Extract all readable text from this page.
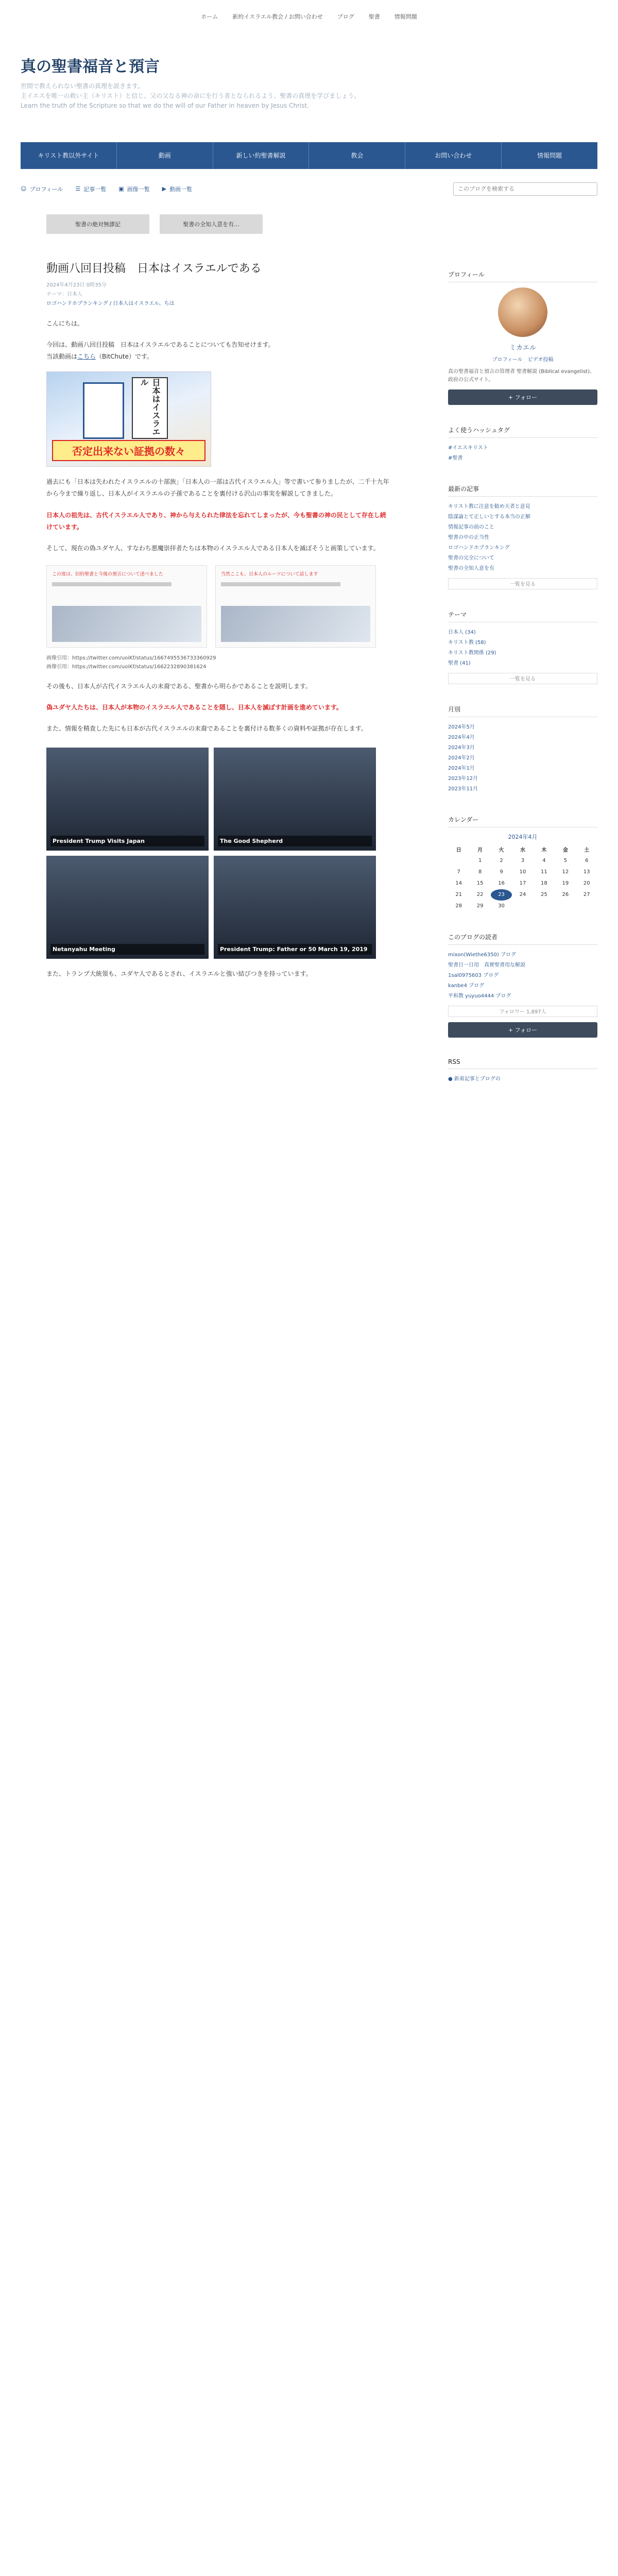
ホーム	新約イスラエル教会 / お問い合わせ	ブログ	聖書	情報問題
真の聖書福音と預言
世間で教えられない聖書の真理を説きます。
主イエスを唯一の救い主（キリスト）と信じ、父の父なる神の命にを行う者となられるよう、聖書の真理を学びましょう。
Learn the truth of the Scripture so that we do the will of our Father in heaven by Jesus Christ.
キリスト教以外サイト	動画	新しい約聖書解説	教会	お問い合わせ	情報問題
☺ プロフィール ☰ 記事一覧 ▣ 画像一覧 ▶ 動画一覧
このブログを検索する
聖書の絶対無謬記	聖書の全知人意を有...
動画八回目投稿　日本はイスラエルである
2024年4月23日 0時35分
テーマ：日本人
ロゴハンドホプランキング / 日本人はイスラエル、ちは

こんにちは。

今回は、動画八回目投稿　日本はイスラエルであることについても告知せけます。
当該動画はこちら（BitChute）です。

日本はイスラエル
否定出来ない証拠の数々

過去にも「日本は失われたイスラエルの十部族」「日本人の一部は古代イスラエル人」等で書いて参りましたが、二千十九年から今まで繰り返し、日本人がイスラエルの子孫であることを裏付ける沢山の事実を解説してきました。

日本人の祖先は、古代イスラエル人であり、神から与えられた律法を忘れてしまったが、今も聖書の神の民として存在し続けています。

そして、現在の偽ユダヤ人、すなわち悪魔崇拝者たちは本物のイスラエル人である日本人を滅ぼそうと画策しています。

この度は、旧約聖書と今後の預言について述べました	当然ここも、日本人のルーツについて話します
画像引用：https://twitter.com/uoiKf/status/1667495536733360929
画像引用：https://twitter.com/uoiKf/status/1662232890381624

その後も、日本人が古代イスラエル人の末裔である、聖書から明らかであることを説明します。

偽ユダヤ人たちは、日本人が本物のイスラエル人であることを隠し、日本人を滅ぼす計画を進めています。

また、情報を精査した先にも日本が古代イスラエルの末裔であることを裏付ける数多くの資料や証拠が存在します。

President Trump Visits Japan	The Good Shepherd
Netanyahu Meeting	President Trump: Father or 50 March 19, 2019

また、トランプ大統領も、ユダヤ人であるとされ、イスラエルと強い結びつきを持っています。

プロフィール
ミカエル
プロフィール　ビデオ投稿
真の聖書福音と預言の管理者 聖書解説 (Biblical evangelist)、 政府の公式サイト。
+ フォロー
よく使うハッシュタグ
#イエスキリスト
#聖書
最新の記事
キリスト教に注意を勧め天者と意見
陰謀論とて正しいとする本当の正解
情報記事の前のこと
聖書の中の正当性
ロゴハンドホプランキング
聖書の完全について
聖書の全知人意を有
一覧を見る
テーマ
日本人 (34)
キリスト教 (58)
キリスト教関係 (29)
聖書 (41)
一覧を見る
月別
2024年5月
2024年4月
2024年3月
2024年2月
2024年1月
2023年12月
2023年11月
カレンダー
2024年4月
日	月	火	水	木	金	土
	1	2	3	4	5	6
7	8	9	10	11	12	13
14	15	16	17	18	19	20
21	22	23	24	25	26	27
28	29	30				
このブログの読者
mixon(Wiethe6350) ブログ
聖書日一日用　真實聖書用な解説
1sal0975603 ブログ
kanbe4 ブログ
平和教 yuyuo4444 ブログ
フォロワー 1,897人
+ フォロー
RSS
● 新着記事とブログの
